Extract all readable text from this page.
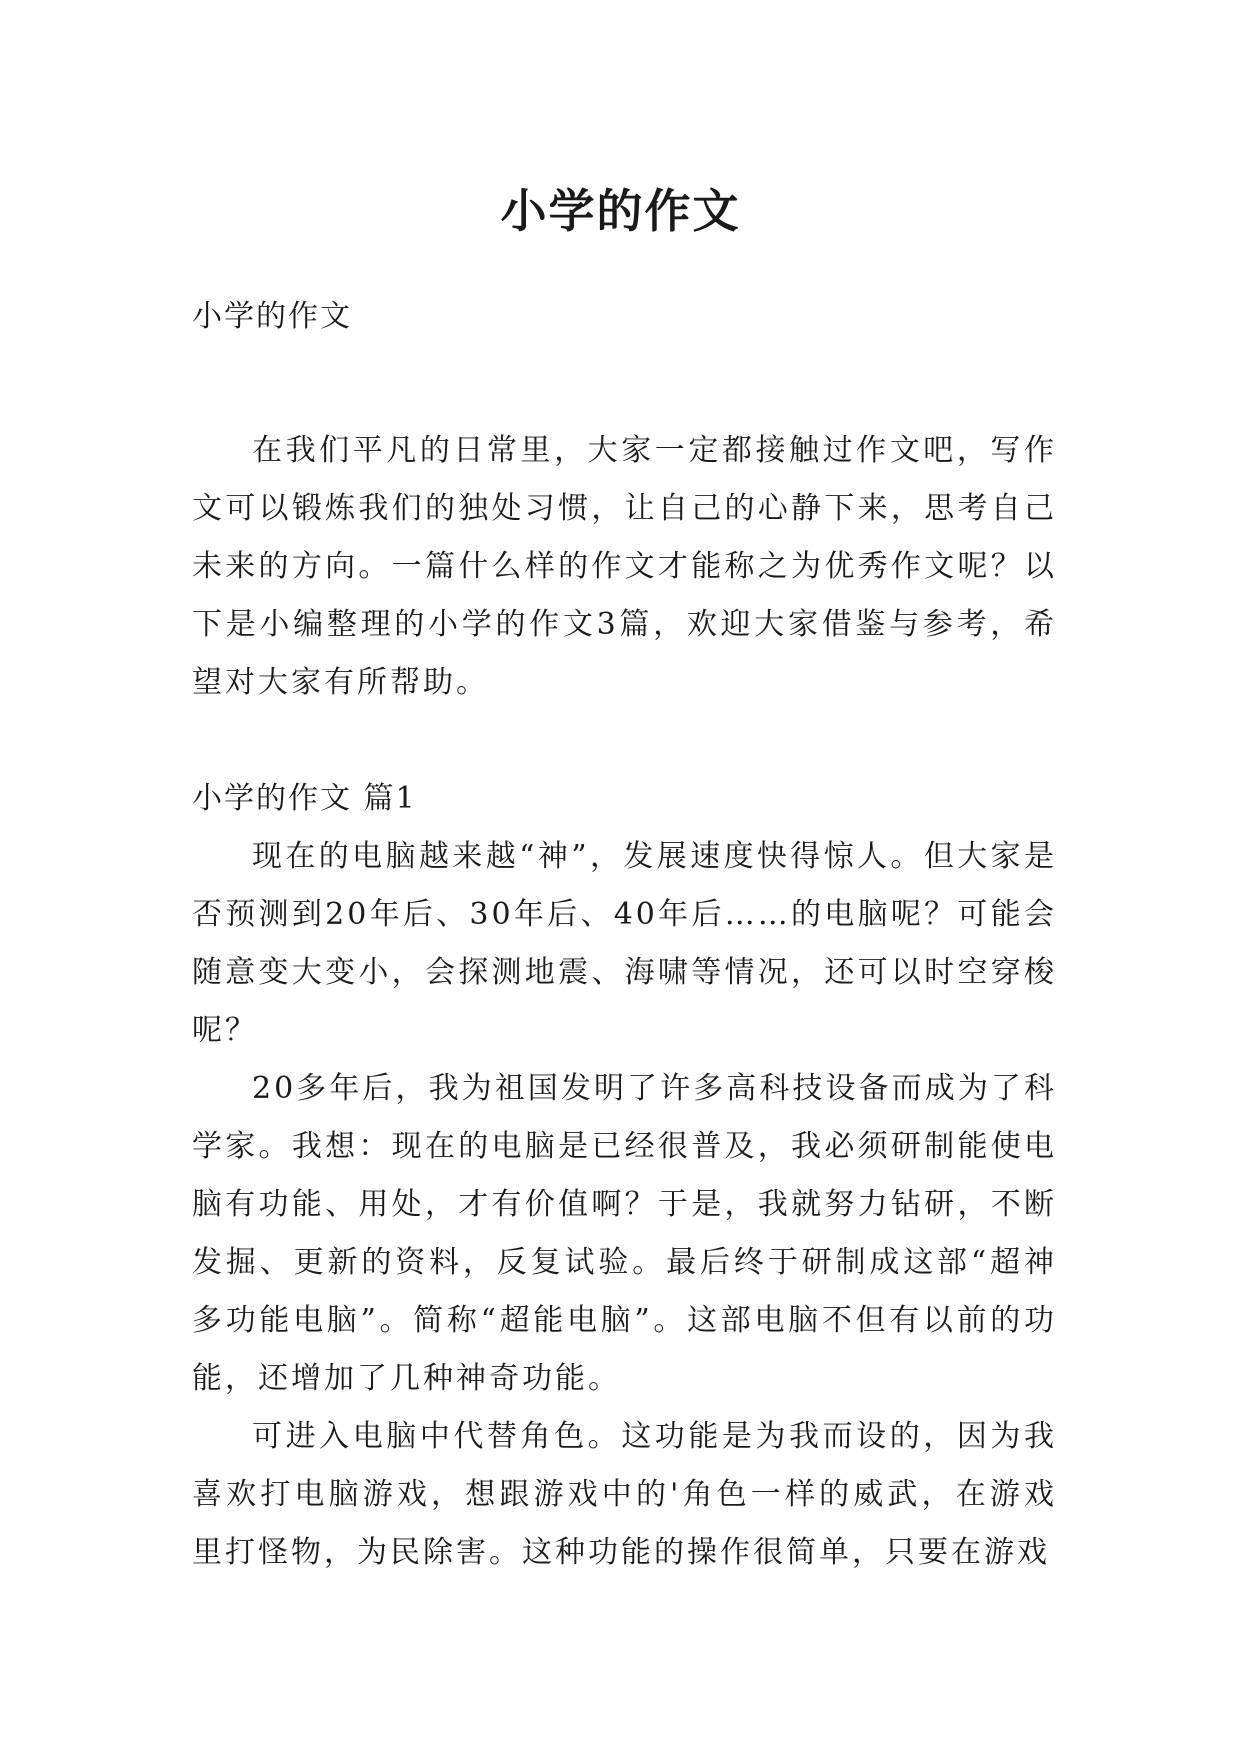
小学的作文

小学的作文

在我们平凡的日常里，大家一定都接触过作文吧，写作文可以锻炼我们的独处习惯，让自己的心静下来，思考自己未来的方向。一篇什么样的作文才能称之为优秀作文呢？以下是小编整理的小学的作文3篇，欢迎大家借鉴与参考，希望对大家有所帮助。

小学的作文 篇1

现在的电脑越来越“神”，发展速度快得惊人。但大家是否预测到20年后、30年后、40年后……的电脑呢？可能会随意变大变小，会探测地震、海啸等情况，还可以时空穿梭呢？

20多年后，我为祖国发明了许多高科技设备而成为了科学家。我想：现在的电脑是已经很普及，我必须研制能使电脑有功能、用处，才有价值啊？于是，我就努力钻研，不断发掘、更新的资料，反复试验。最后终于研制成这部“超神多功能电脑”。简称“超能电脑”。这部电脑不但有以前的功能，还增加了几种神奇功能。

可进入电脑中代替角色。这功能是为我而设的，因为我喜欢打电脑游戏，想跟游戏中的'角色一样的威武，在游戏里打怪物，为民除害。这种功能的操作很简单，只要在游戏
